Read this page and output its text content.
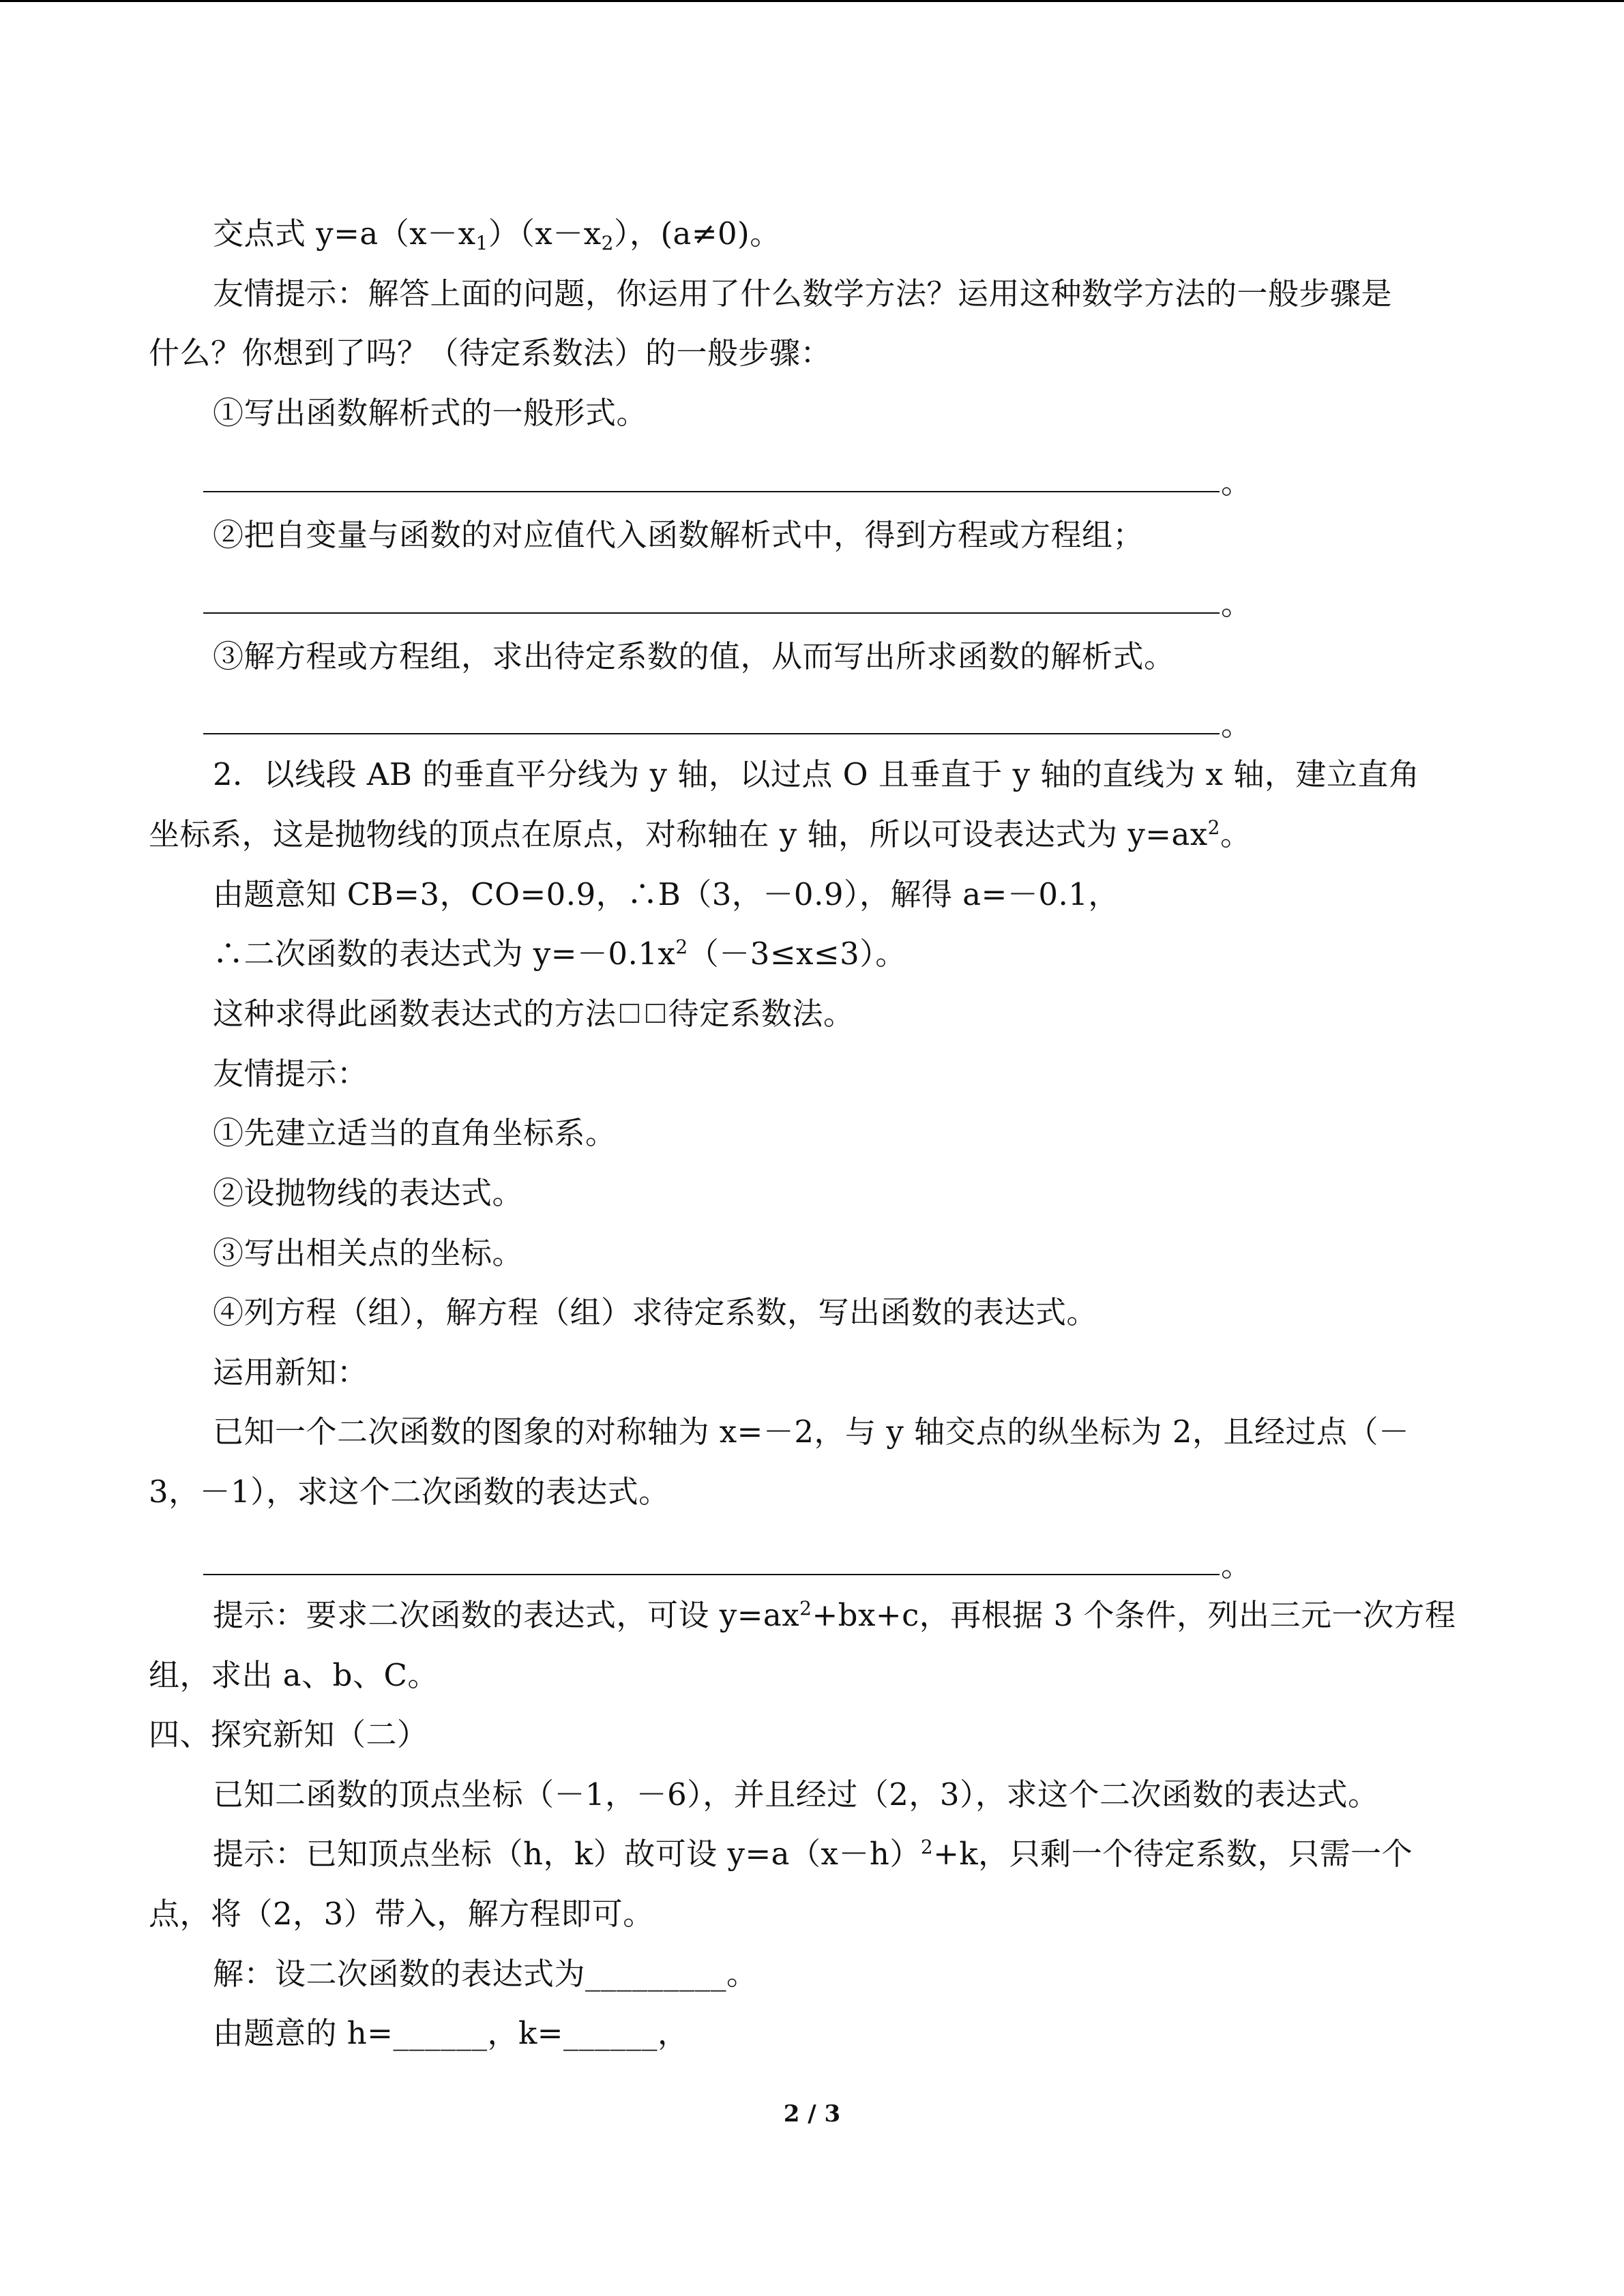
交点式 $y=a(x-x_1)(x-x_2)$，(a≠0)。
友情提示：解答上面的问题，你运用了什么数学方法？运用这种数学方法的一般步骤是
什么？你想到了吗？（待定系数法）的一般步骤：
①写出函数解析式的一般形式。
。
②把自变量与函数的对应值代入函数解析式中，得到方程或方程组；
。
③解方程或方程组，求出待定系数的值，从而写出所求函数的解析式。
。
2．以线段 AB 的垂直平分线为 y 轴，以过点 O 且垂直于 y 轴的直线为 x 轴，建立直角
坐标系，这是抛物线的顶点在原点，对称轴在 y 轴，所以可设表达式为 $y=ax^2$。
由题意知 CB=3，CO=0.9，∴B（3，－0.9），解得 a=－0.1，
∴二次函数的表达式为 $y=-0.1x^2(-3\le x\le 3)$。
这种求得此函数表达式的方法 待定系数法。
友情提示：
①先建立适当的直角坐标系。
②设抛物线的表达式。
③写出相关点的坐标。
④列方程（组），解方程（组）求待定系数，写出函数的表达式。
运用新知：
已知一个二次函数的图象的对称轴为 x=－2，与 y 轴交点的纵坐标为 2，且经过点（－
3，－1），求这个二次函数的表达式。
。
提示：要求二次函数的表达式，可设 $y=ax^2+bx+c$，再根据 3 个条件，列出三元一次方程
组，求出 a、b、C。
四、探究新知（二）
已知二函数的顶点坐标（－1，－6），并且经过（2，3），求这个二次函数的表达式。
提示：已知顶点坐标（h，k）故可设 $y=a(x-h)^2+k$，只剩一个待定系数，只需一个
点，将（2，3）带入，解方程即可。
解：设二次函数的表达式为_________。
由题意的 h=______，k=______，
2 / 3
